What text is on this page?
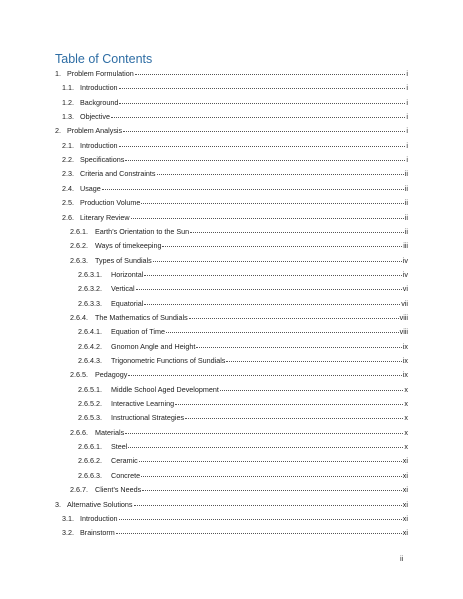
Table of Contents
1. Problem Formulation	i
1.1. Introduction	i
1.2. Background	i
1.3. Objective	i
2. Problem Analysis	i
2.1. Introduction	i
2.2. Specifications	i
2.3. Criteria and Constraints	ii
2.4. Usage	ii
2.5. Production Volume	ii
2.6. Literary Review	ii
2.6.1. Earth’s Orientation to the Sun	ii
2.6.2. Ways of timekeeping	iii
2.6.3. Types of Sundials	iv
2.6.3.1.	Horizontal	iv
2.6.3.2.	Vertical	vi
2.6.3.3.	Equatorial	vii
2.6.4. The Mathematics of Sundials	viii
2.6.4.1.	Equation of Time	viii
2.6.4.2.	Gnomon Angle and Height	ix
2.6.4.3.	Trigonometric Functions of Sundials	ix
2.6.5. Pedagogy	ix
2.6.5.1.	Middle School Aged Development	x
2.6.5.2.	Interactive Learning	x
2.6.5.3.	Instructional Strategies	x
2.6.6. Materials	x
2.6.6.1.	Steel	x
2.6.6.2.	Ceramic	xi
2.6.6.3.	Concrete	xi
2.6.7. Client’s Needs	xi
3. Alternative Solutions	xi
3.1. Introduction	xi
3.2. Brainstorm	xi
ii
